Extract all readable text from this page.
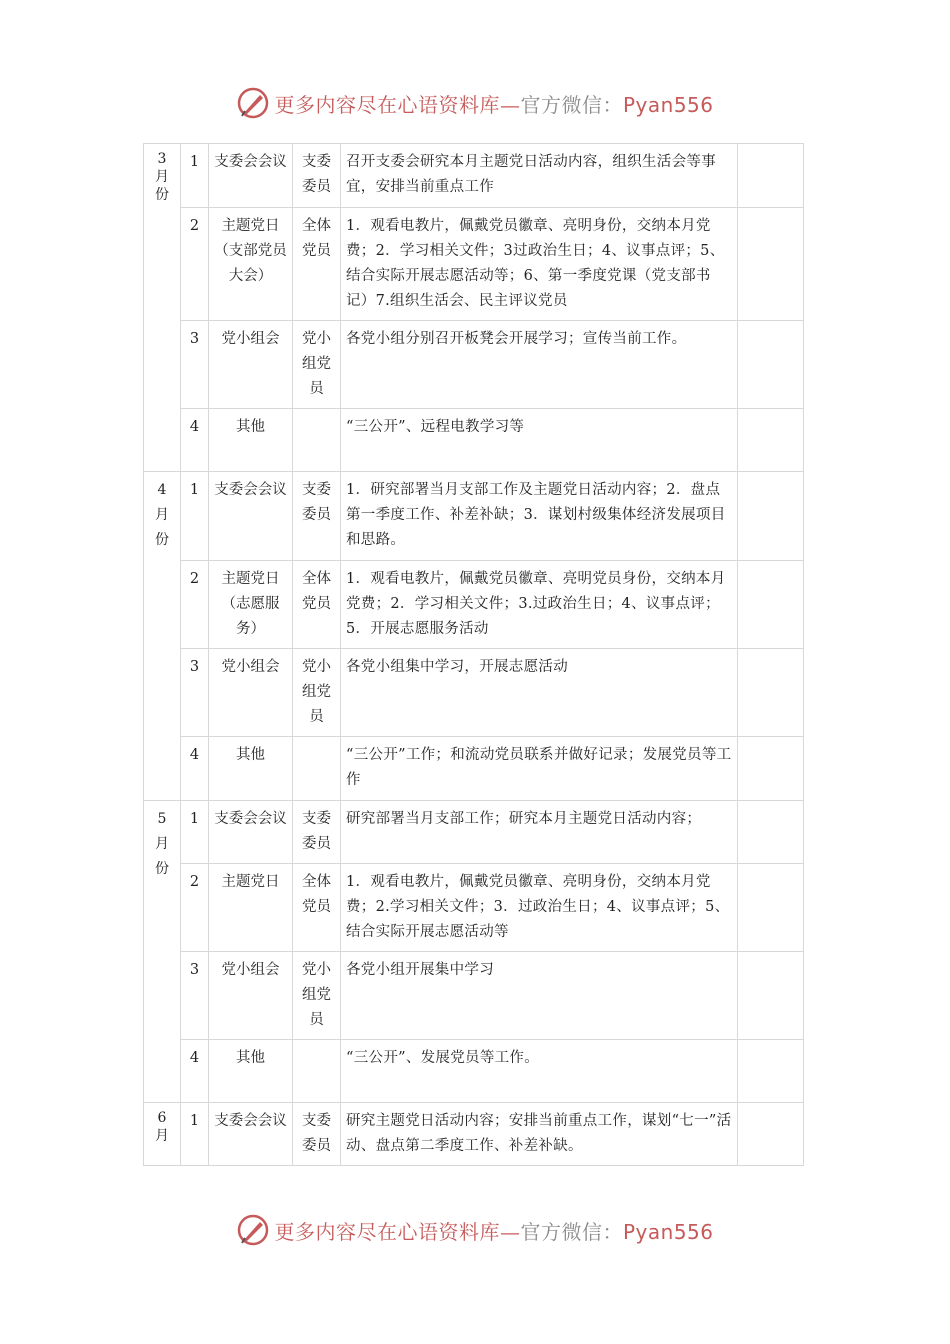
更多内容尽在心语资料库—官方微信：Pyan556
3
月
份	1	支委会会议	支委委员	召开支委会研究本月主题党日活动内容，组织生活会等事宜，安排当前重点工作	
	2	主题党日（支部党员大会）	全体党员	1．观看电教片，佩戴党员徽章、亮明身份，交纳本月党费；2．学习相关文件；3过政治生日；4、议事点评；5、结合实际开展志愿活动等；6、第一季度党课（党支部书记）7.组织生活会、民主评议党员	
	3	党小组会	党小组党员	各党小组分别召开板凳会开展学习；宣传当前工作。	
	4	其他		“三公开”、远程电教学习等	

4
月
份	1	支委会会议	支委委员	1．研究部署当月支部工作及主题党日活动内容；2．盘点第一季度工作、补差补缺；3．谋划村级集体经济发展项目和思路。	
	2	主题党日（志愿服务）	全体党员	1．观看电教片，佩戴党员徽章、亮明党员身份，交纳本月党费；2．学习相关文件；3.过政治生日；4、议事点评；5．开展志愿服务活动	
	3	党小组会	党小组党员	各党小组集中学习，开展志愿活动	
	4	其他		“三公开”工作；和流动党员联系并做好记录；发展党员等工作	

5
月
份	1	支委会会议	支委委员	研究部署当月支部工作；研究本月主题党日活动内容；	
	2	主题党日	全体党员	1．观看电教片，佩戴党员徽章、亮明身份，交纳本月党费；2.学习相关文件；3．过政治生日；4、议事点评；5、结合实际开展志愿活动等	
	3	党小组会	党小组党员	各党小组开展集中学习	
	4	其他		“三公开”、发展党员等工作。	

6
月	1	支委会会议	支委委员	研究主题党日活动内容；安排当前重点工作，谋划“七一”活动、盘点第二季度工作、补差补缺。	
更多内容尽在心语资料库—官方微信：Pyan556
